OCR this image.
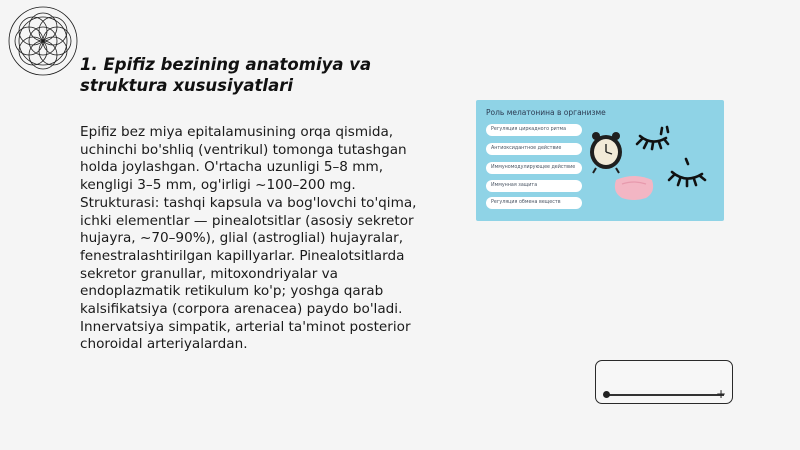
1. Epifiz bezining anatomiya va struktura xususiyatlari
Epifiz bez miya epitalamusining orqa qismida, uchinchi bo'shliq (ventrikul) tomonga tutashgan holda joylashgan. O'rtacha uzunligi 5–8 mm, kengligi 3–5 mm, og'irligi ~100–200 mg. Strukturasi: tashqi kapsula va bog'lovchi to'qima, ichki elementlar — pinealotsitlar (asosiy sekretor hujayra, ~70–90%), glial (astroglial) hujayralar, fenestralashtirilgan kapillyarlar. Pinealotsitlarda sekretor granullar, mitoxondriyalar va endoplazmatik retikulum ko'p; yoshga qarab kalsifikatsiya (corpora arenacea) paydo bo'ladi. Innervatsiya simpatik, arterial ta'minot posterior choroidal arteriyalardan.
Роль мелатонина в организме
Регуляция циркадного ритма
Антиоксидантное действие
Иммуномодулирующее действие
Иммунная защита
Регуляция обмена веществ
+
